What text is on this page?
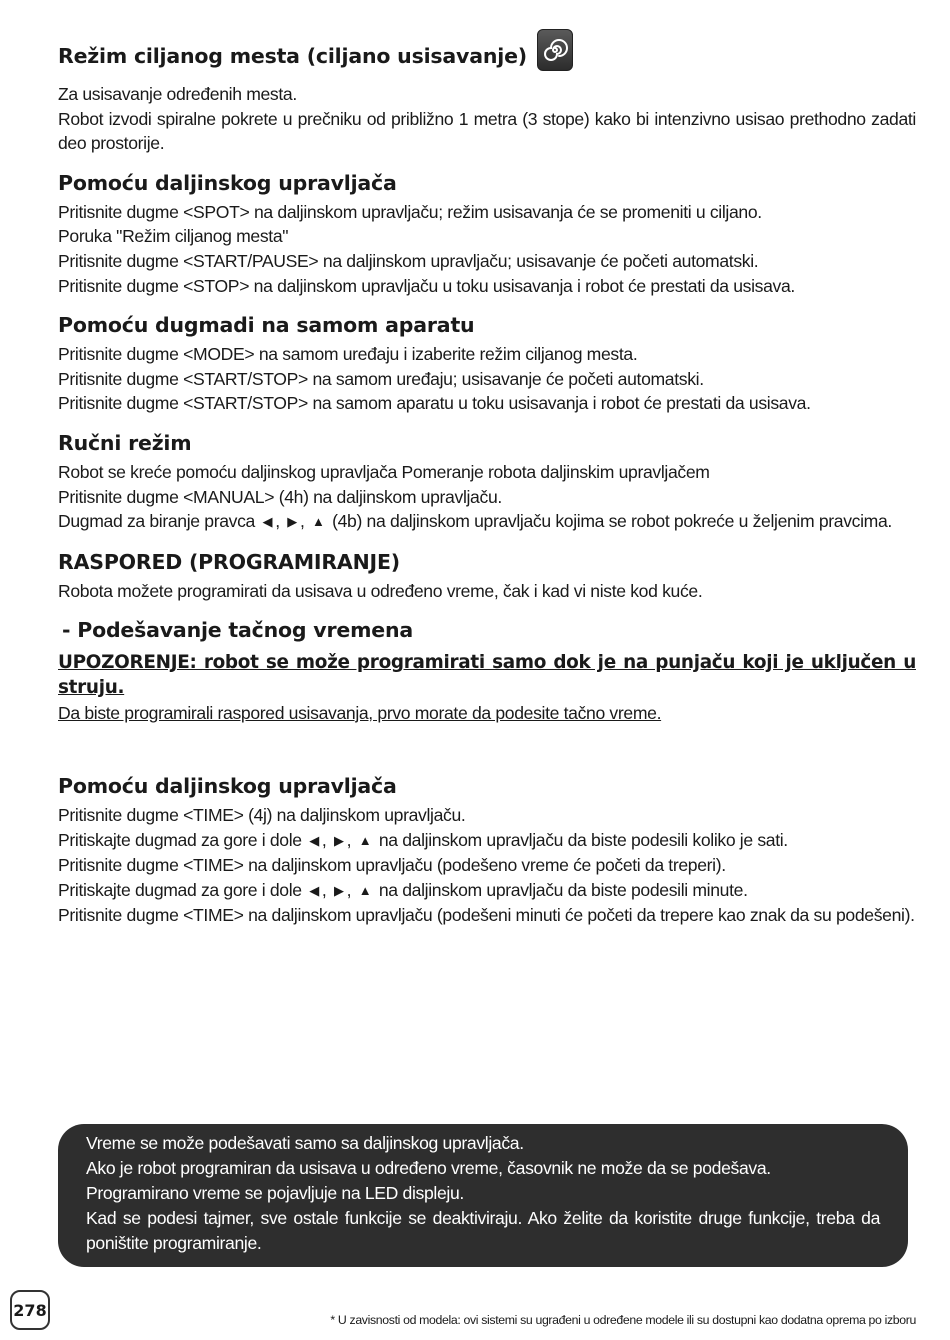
Režim ciljanog mesta (ciljano usisavanje)

Za usisavanje određenih mesta.

Robot izvodi spiralne pokrete u prečniku od približno 1 metra (3 stope) kako bi intenzivno usisao prethodno zadati deo prostorije.

Pomoću daljinskog upravljača

Pritisnite dugme <SPOT> na daljinskom upravljaču; režim usisavanja će se promeniti u ciljano.

Poruka "Režim ciljanog mesta"

Pritisnite dugme <START/PAUSE> na daljinskom upravljaču; usisavanje će početi automatski.

Pritisnite dugme <STOP> na daljinskom upravljaču u toku usisavanja i robot će prestati da usisava.

Pomoću dugmadi na samom aparatu

Pritisnite dugme <MODE> na samom uređaju i izaberite režim ciljanog mesta.

Pritisnite dugme <START/STOP> na samom uređaju; usisavanje će početi automatski.

Pritisnite dugme <START/STOP> na samom aparatu u toku usisavanja i robot će prestati da usisava.

Ručni režim

Robot se kreće pomoću daljinskog upravljača Pomeranje robota daljinskim upravljačem

Pritisnite dugme <MANUAL> (4h) na daljinskom upravljaču.

Dugmad za biranje pravca ◀ , ▶ , ▲ (4b) na daljinskom upravljaču kojima se robot pokreće u željenim pravcima.

RASPORED (PROGRAMIRANJE)

Robota možete programirati da usisava u određeno vreme, čak i kad vi niste kod kuće.

- Podešavanje tačnog vremena

UPOZORENJE: robot se može programirati samo dok je na punjaču koji je uključen u struju.

Da biste programirali raspored usisavanja, prvo morate da podesite tačno vreme.

Pomoću daljinskog upravljača

Pritisnite dugme <TIME> (4j) na daljinskom upravljaču.

Pritiskajte dugmad za gore i dole ◀ , ▶ , ▲ na daljinskom upravljaču da biste podesili koliko je sati.

Pritisnite dugme <TIME> na daljinskom upravljaču (podešeno vreme će početi da treperi).

Pritiskajte dugmad za gore i dole ◀ , ▶ , ▲ na daljinskom upravljaču da biste podesili minute.

Pritisnite dugme <TIME> na daljinskom upravljaču (podešeni minuti će početi da trepere kao znak da su podešeni).

Vreme se može podešavati samo sa daljinskog upravljača.

Ako je robot programiran da usisava u određeno vreme, časovnik ne može da se podešava.

Programirano vreme se pojavljuje na LED displeju.

Kad se podesi tajmer, sve ostale funkcije se deaktiviraju. Ako želite da koristite druge funkcije, treba da poništite programiranje.

278
* U zavisnosti od modela: ovi sistemi su ugrađeni u određene modele ili su dostupni kao dodatna oprema po izboru
